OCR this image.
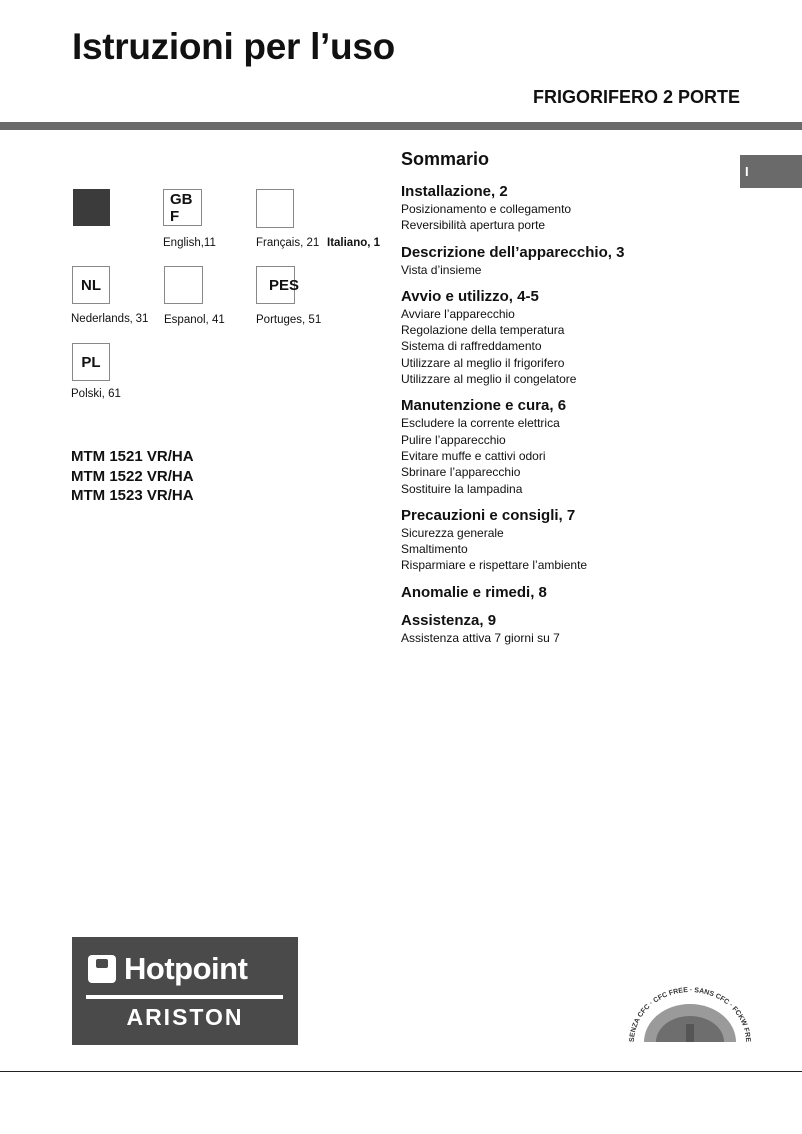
Istruzioni per l’uso
FRIGORIFERO 2 PORTE
I
GB F
English,11	Français, 21 Italiano, 1
NL
Nederlands‚ 31 Espanol, 41
PES
Portuges, 51
PL
Polski, 61
MTM 1521 VR/HA
MTM 1522 VR/HA
MTM 1523 VR/HA
Sommario
Installazione, 2
Posizionamento e collegamento
Reversibilità apertura porte
Descrizione dell’apparecchio, 3
Vista d’insieme
Avvio e utilizzo, 4-5
Avviare l’apparecchio
Regolazione della temperatura
Sistema di raffreddamento
Utilizzare al meglio il frigorifero
Utilizzare al meglio il congelatore
Manutenzione e cura, 6
Escludere la corrente elettrica
Pulire l’apparecchio
Evitare muffe e cattivi odori
Sbrinare l’apparecchio
Sostituire la lampadina
Precauzioni e consigli, 7
Sicurezza generale
Smaltimento
Risparmiare e rispettare l’ambiente
Anomalie e rimedi, 8
Assistenza, 9
Assistenza attiva 7 giorni su 7
Hotpoint
ARISTON
SENZA CFC · CFC FREE · SANS CFC · FCKW FRE
